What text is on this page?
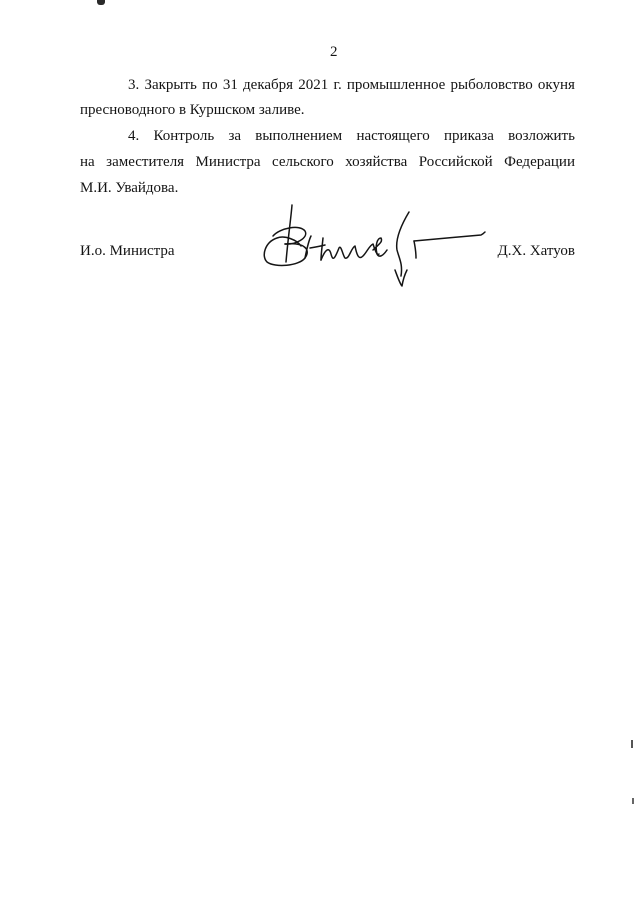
2
3. Закрыть по 31 декабря 2021 г. промышленное рыболовство окуня
пресноводного в Куршском заливе.
4. Контроль за выполнением настоящего приказа возложить
на заместителя Министра сельского хозяйства Российской Федерации
М.И. Увайдова.
И.о. Министра	Д.Х. Хатуов
